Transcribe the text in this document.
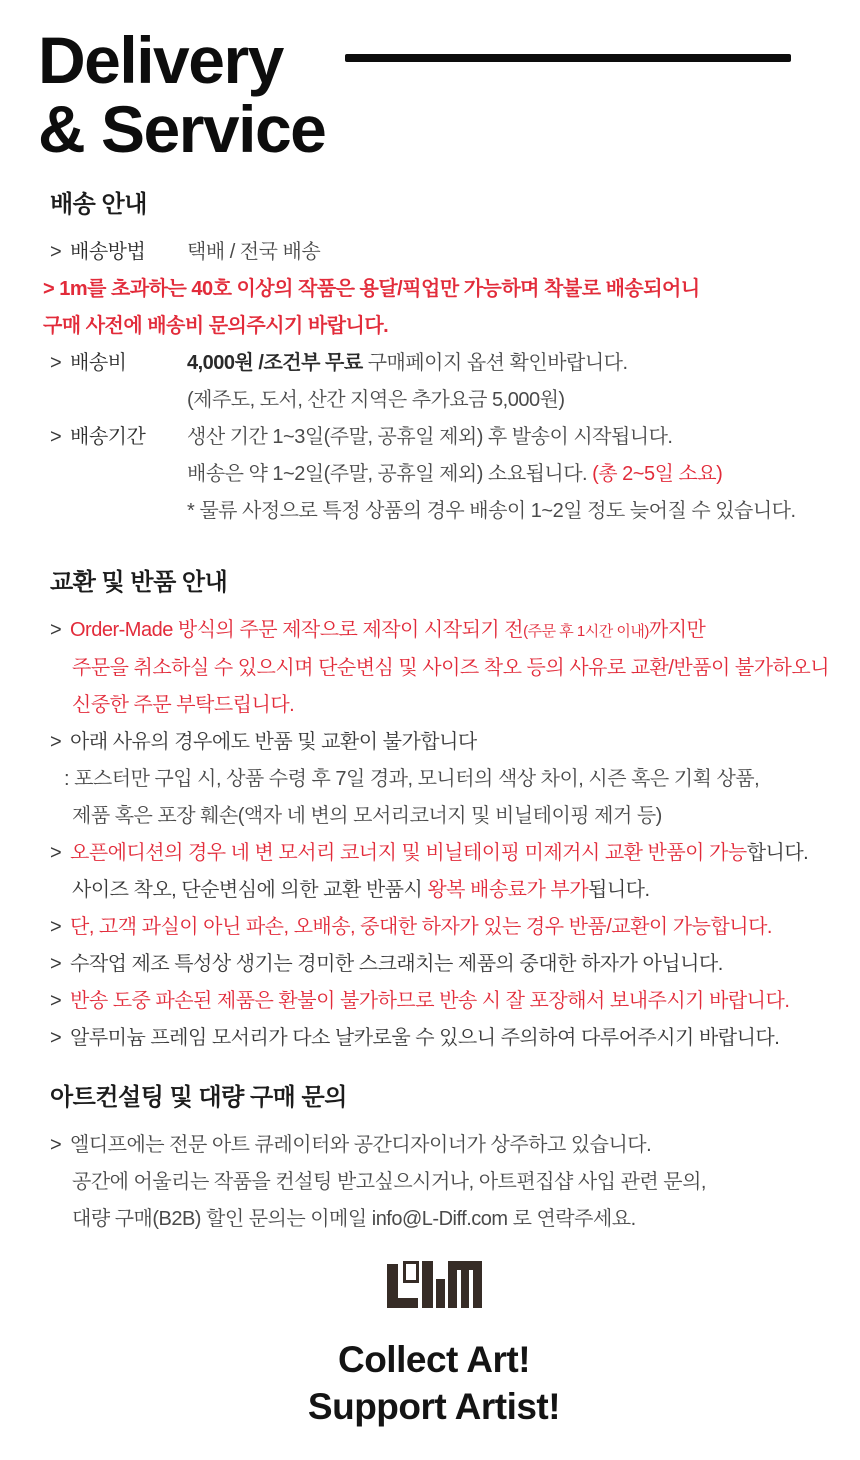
Delivery
& Service
배송 안내
> 배송방법	택배 / 전국 배송
> 1m를 초과하는 40호 이상의 작품은 용달/픽업만 가능하며 착불로 배송되어니
구매 사전에 배송비 문의주시기 바랍니다.
> 배송비	4,000원 /조건부 무료 구매페이지 옵션 확인바랍니다.
(제주도, 도서, 산간 지역은 추가요금 5,000원)
> 배송기간	생산 기간 1~3일(주말, 공휴일 제외) 후 발송이 시작됩니다.
배송은 약 1~2일(주말, 공휴일 제외) 소요됩니다. (총 2~5일 소요)
* 물류 사정으로 특정 상품의 경우 배송이 1~2일 정도 늦어질 수 있습니다.
교환 및 반품 안내
> Order-Made 방식의 주문 제작으로 제작이 시작되기 전(주문 후 1시간 이내)까지만
주문을 취소하실 수 있으시며 단순변심 및 사이즈 착오 등의 사유로 교환/반품이 불가하오니
신중한 주문 부탁드립니다.
> 아래 사유의 경우에도 반품 및 교환이 불가합니다
: 포스터만 구입 시, 상품 수령 후 7일 경과, 모니터의 색상 차이, 시즌 혹은 기획 상품,
제품 혹은 포장 훼손(액자 네 변의 모서리코너지 및 비닐테이핑 제거 등)
> 오픈에디션의 경우 네 변 모서리 코너지 및 비닐테이핑 미제거시 교환 반품이 가능합니다.
사이즈 착오, 단순변심에 의한 교환 반품시 왕복 배송료가 부가됩니다.
> 단, 고객 과실이 아닌 파손, 오배송, 중대한 하자가 있는 경우 반품/교환이 가능합니다.
> 수작업 제조 특성상 생기는 경미한 스크래치는 제품의 중대한 하자가 아닙니다.
> 반송 도중 파손된 제품은 환불이 불가하므로 반송 시 잘 포장해서 보내주시기 바랍니다.
> 알루미늄 프레임 모서리가 다소 날카로울 수 있으니 주의하여 다루어주시기 바랍니다.
아트컨설팅 및 대량 구매 문의
> 엘디프에는 전문 아트 큐레이터와 공간디자이너가 상주하고 있습니다.
공간에 어울리는 작품을 컨설팅 받고싶으시거나, 아트편집샵 사입 관련 문의,
대량 구매(B2B) 할인 문의는 이메일 info@L-Diff.com 로 연락주세요.
Collect Art!
Support Artist!
